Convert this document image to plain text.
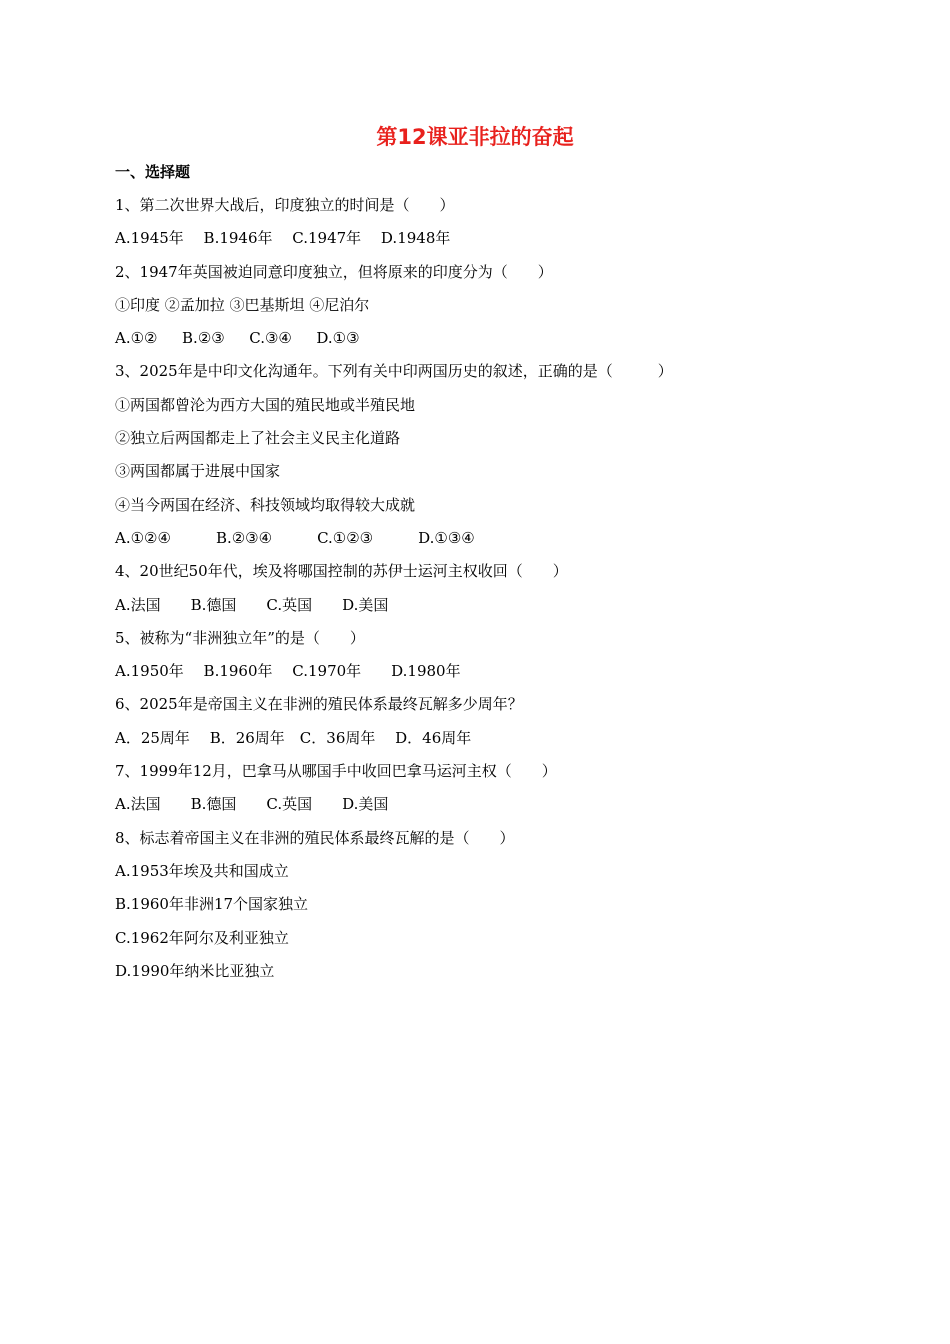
第12课亚非拉的奋起
一、选择题
1、第二次世界大战后，印度独立的时间是（　　）
A.1945年　 B.1946年　 C.1947年　 D.1948年
2、1947年英国被迫同意印度独立，但将原来的印度分为（　　）
①印度 ②孟加拉 ③巴基斯坦 ④尼泊尔
A.①②　  B.②③　  C.③④　  D.①③
3、2025年是中印文化沟通年。下列有关中印两国历史的叙述，正确的是（　　　）
①两国都曾沦为西方大国的殖民地或半殖民地
②独立后两国都走上了社会主义民主化道路
③两国都属于进展中国家
④当今两国在经济、科技领域均取得较大成就
A.①②④　　　B.②③④　　　C.①②③　　　D.①③④
4、20世纪50年代，埃及将哪国控制的苏伊士运河主权收回（　　）
A.法国　　B.德国　　C.英国　　D.美国
5、被称为“非洲独立年”的是（　　）
A.1950年　 B.1960年　 C.1970年　　D.1980年
6、2025年是帝国主义在非洲的殖民体系最终瓦解多少周年？
A．25周年　 B．26周年　C．36周年　 D．46周年
7、1999年12月，巴拿马从哪国手中收回巴拿马运河主权（　　）
A.法国　　B.德国　　C.英国　　D.美国
8、标志着帝国主义在非洲的殖民体系最终瓦解的是（　　）
A.1953年埃及共和国成立
B.1960年非洲17个国家独立
C.1962年阿尔及利亚独立
D.1990年纳米比亚独立
